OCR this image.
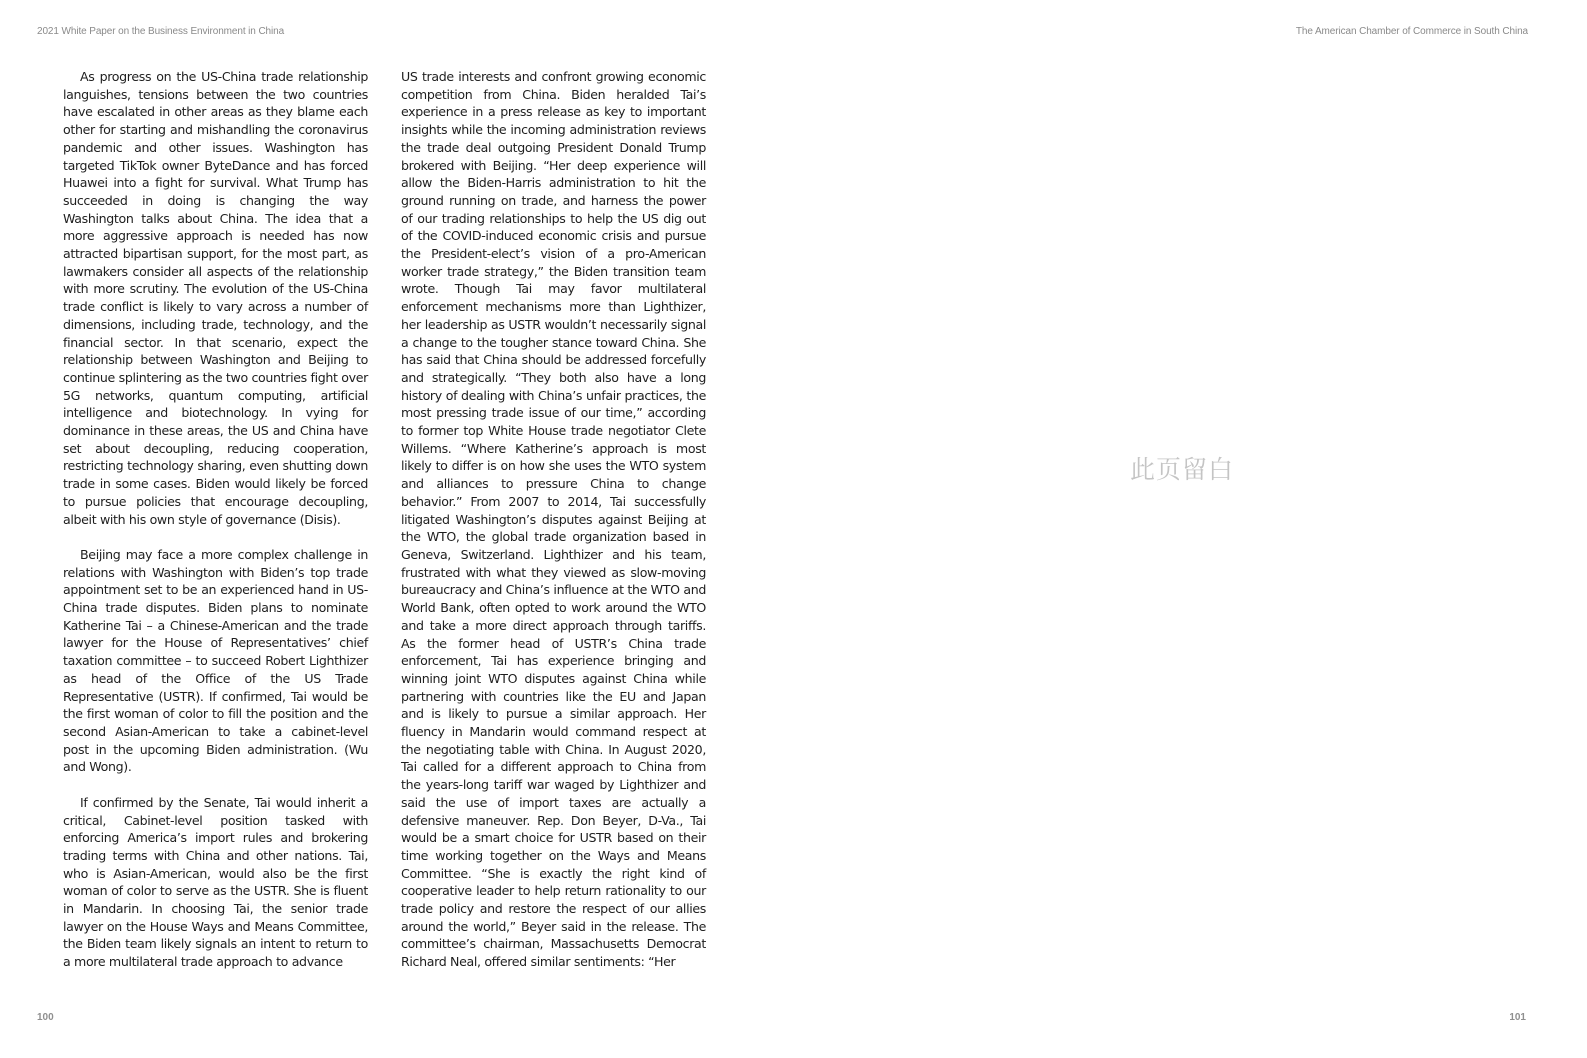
2021 White Paper on the Business Environment in China	The American Chamber of Commerce in South China

As progress on the US-China trade relationship languishes, tensions between the two countries have escalated in other areas as they blame each other for starting and mishandling the coronavirus pandemic and other issues. Washington has targeted TikTok owner ByteDance and has forced Huawei into a fight for survival. What Trump has succeeded in doing is changing the way Washington talks about China. The idea that a more aggressive approach is needed has now attracted bipartisan support, for the most part, as lawmakers consider all aspects of the relationship with more scrutiny. The evolution of the US-China trade conflict is likely to vary across a number of dimensions, including trade, technology, and the financial sector. In that scenario, expect the relationship between Washington and Beijing to continue splintering as the two countries fight over 5G networks, quantum computing, artificial intelligence and biotechnology. In vying for dominance in these areas, the US and China have set about decoupling, reducing cooperation, restricting technology sharing, even shutting down trade in some cases. Biden would likely be forced to pursue policies that encourage decoupling, albeit with his own style of governance (Disis).

Beijing may face a more complex challenge in relations with Washington with Biden’s top trade appointment set to be an experienced hand in US-China trade disputes. Biden plans to nominate Katherine Tai – a Chinese-American and the trade lawyer for the House of Representatives’ chief taxation committee – to succeed Robert Lighthizer as head of the Office of the US Trade Representative (USTR). If confirmed, Tai would be the first woman of color to fill the position and the second Asian-American to take a cabinet-level post in the upcoming Biden administration. (Wu and Wong).

If confirmed by the Senate, Tai would inherit a critical, Cabinet-level position tasked with enforcing America’s import rules and brokering trading terms with China and other nations. Tai, who is Asian-American, would also be the first woman of color to serve as the USTR. She is fluent in Mandarin. In choosing Tai, the senior trade lawyer on the House Ways and Means Committee, the Biden team likely signals an intent to return to a more multilateral trade approach to advance

US trade interests and confront growing economic competition from China. Biden heralded Tai’s experience in a press release as key to important insights while the incoming administration reviews the trade deal outgoing President Donald Trump brokered with Beijing. “Her deep experience will allow the Biden-Harris administration to hit the ground running on trade, and harness the power of our trading relationships to help the US dig out of the COVID-induced economic crisis and pursue the President-elect’s vision of a pro-American worker trade strategy,” the Biden transition team wrote. Though Tai may favor multilateral enforcement mechanisms more than Lighthizer, her leadership as USTR wouldn’t necessarily signal a change to the tougher stance toward China. She has said that China should be addressed forcefully and strategically. “They both also have a long history of dealing with China’s unfair practices, the most pressing trade issue of our time,” according to former top White House trade negotiator Clete Willems. “Where Katherine’s approach is most likely to differ is on how she uses the WTO system and alliances to pressure China to change behavior.” From 2007 to 2014, Tai successfully litigated Washington’s disputes against Beijing at the WTO, the global trade organization based in Geneva, Switzerland. Lighthizer and his team, frustrated with what they viewed as slow-moving bureaucracy and China’s influence at the WTO and World Bank, often opted to work around the WTO and take a more direct approach through tariffs. As the former head of USTR’s China trade enforcement, Tai has experience bringing and winning joint WTO disputes against China while partnering with countries like the EU and Japan and is likely to pursue a similar approach. Her fluency in Mandarin would command respect at the negotiating table with China. In August 2020, Tai called for a different approach to China from the years-long tariff war waged by Lighthizer and said the use of import taxes are actually a defensive maneuver. Rep. Don Beyer, D-Va., Tai would be a smart choice for USTR based on their time working together on the Ways and Means Committee. “She is exactly the right kind of cooperative leader to help return rationality to our trade policy and restore the respect of our allies around the world,” Beyer said in the release. The committee’s chairman, Massachusetts Democrat Richard Neal, offered similar sentiments: “Her

此页留白
100	101
